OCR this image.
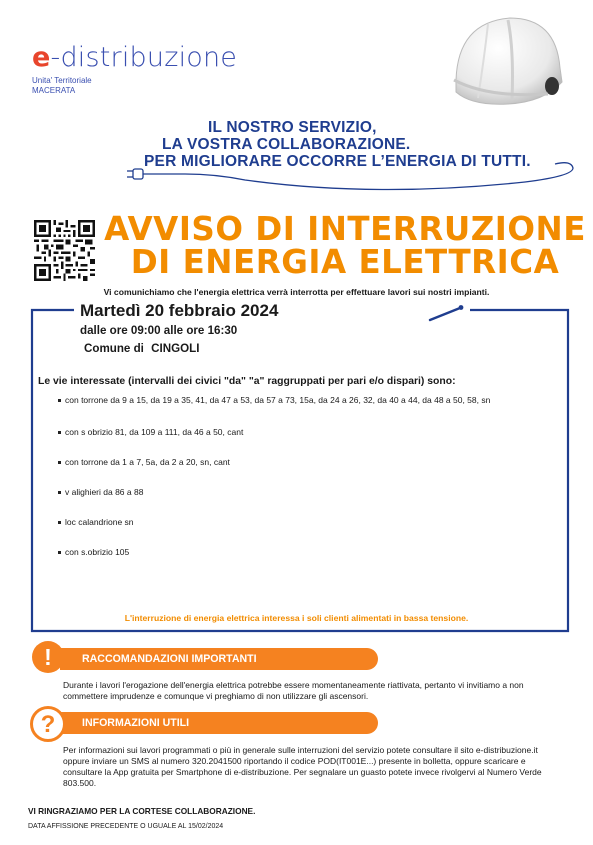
e-distribuzione
Unita' Territoriale
MACERATA
IL NOSTRO SERVIZIO,
LA VOSTRA COLLABORAZIONE.
PER MIGLIORARE OCCORRE L’ENERGIA DI TUTTI.
AVVISO DI INTERRUZIONE
DI ENERGIA ELETTRICA
Vi comunichiamo che l'energia elettrica verrà interrotta per effettuare lavori sui nostri impianti.
Martedì 20 febbraio 2024
dalle ore 09:00 alle ore 16:30
Comune di CINGOLI
Le vie interessate (intervalli dei civici "da" "a" raggruppati per pari e/o dispari) sono:
con torrone da 9 a 15, da 19 a 35, 41, da 47 a 53, da 57 a 73, 15a, da 24 a 26, 32, da 40 a 44, da 48 a 50, 58, sn
con s obrizio 81, da 109 a 111, da 46 a 50, cant
con torrone da 1 a 7, 5a, da 2 a 20, sn, cant
v alighieri da 86 a 88
loc calandrione sn
con s.obrizio 105
L'interruzione di energia elettrica interessa i soli clienti alimentati in bassa tensione.
RACCOMANDAZIONI IMPORTANTI
!
Durante i lavori l'erogazione dell'energia elettrica potrebbe essere momentaneamente riattivata, pertanto vi invitiamo a non commettere imprudenze e comunque vi preghiamo di non utilizzare gli ascensori.
INFORMAZIONI UTILI
?
Per informazioni sui lavori programmati o più in generale sulle interruzioni del servizio potete consultare il sito e-distribuzione.it oppure inviare un SMS al numero 320.2041500 riportando il codice POD(IT001E...) presente in bolletta, oppure scaricare e consultare la App gratuita per Smartphone di e-distribuzione. Per segnalare un guasto potete invece rivolgervi al Numero Verde 803.500.
VI RINGRAZIAMO PER LA CORTESE COLLABORAZIONE.
DATA AFFISSIONE PRECEDENTE O UGUALE AL 15/02/2024
